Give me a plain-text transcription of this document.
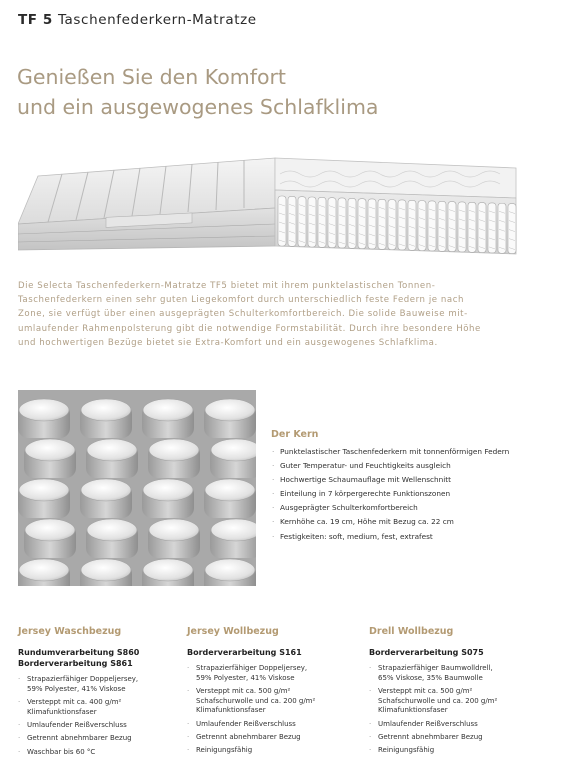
TF 5 Taschenfederkern-Matratze
Genießen Sie den Komfort
und ein ausgewogenes Schlafklima

Die Selecta Taschenfederkern-Matratze TF5 bietet mit ihrem punktelastischen Tonnen-

Taschenfederkern einen sehr guten Liegekomfort durch unterschiedlich feste Federn je nach

Zone, sie verfügt über einen ausgeprägten Schulterkomfortbereich. Die solide Bauweise mit-

umlaufender Rahmenpolsterung gibt die notwendige Formstabilität. Durch ihre besondere Höhe

und hochwertigen Bezüge bietet sie Extra-Komfort und ein ausgewogenes Schlafklima.

Der Kern
· Punktelastischer Taschenfederkern mit tonnenförmigen Federn
· Guter Temperatur- und Feuchtigkeits ausgleich
· Hochwertige Schaumauflage mit Wellenschnitt
· Einteilung in 7 körpergerechte Funktionszonen
· Ausgeprägter Schulterkomfortbereich
· Kernhöhe ca. 19 cm, Höhe mit Bezug ca. 22 cm
· Festigkeiten: soft, medium, fest, extrafest
Jersey Waschbezug
Rundumverarbeitung S860
Borderverarbeitung S861
· Strapazierfähiger Doppeljersey,
59% Polyester, 41% Viskose
· Versteppt mit ca. 400 g/m²
Klimafunktionsfaser
· Umlaufender Reißverschluss
· Getrennt abnehmbarer Bezug
· Waschbar bis 60 °C
Jersey Wollbezug
Borderverarbeitung S161
· Strapazierfähiger Doppeljersey,
59% Polyester, 41% Viskose
· Versteppt mit ca. 500 g/m²
Schafschurwolle und ca. 200 g/m²
Klimafunktionsfaser
· Umlaufender Reißverschluss
· Getrennt abnehmbarer Bezug
· Reinigungsfähig
Drell Wollbezug
Borderverarbeitung S075
· Strapazierfähiger Baumwolldrell,
65% Viskose, 35% Baumwolle
· Versteppt mit ca. 500 g/m²
Schafschurwolle und ca. 200 g/m²
Klimafunktionsfaser
· Umlaufender Reißverschluss
· Getrennt abnehmbarer Bezug
· Reinigungsfähig
